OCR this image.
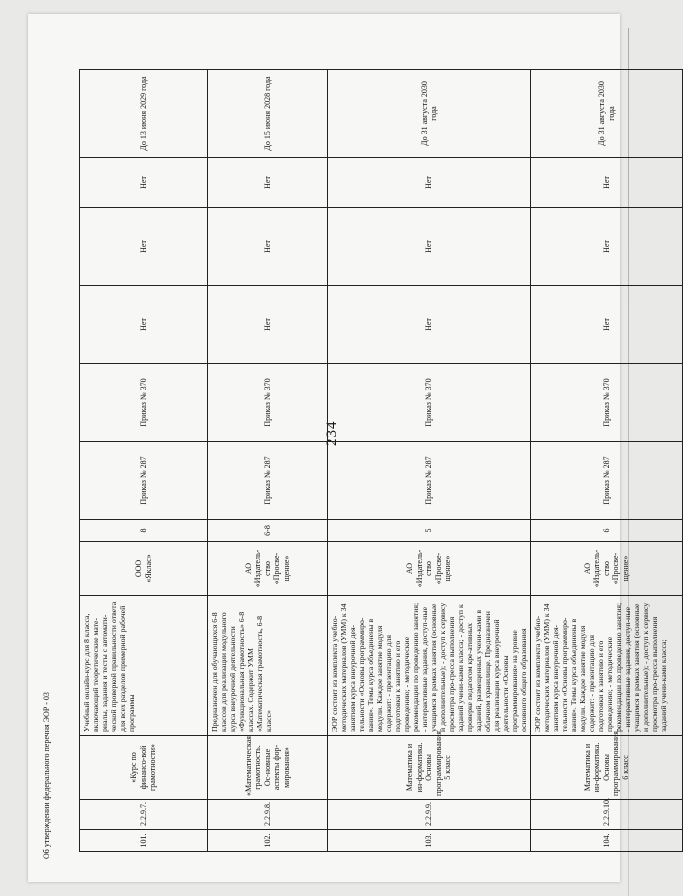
234
101.	2.2.9.7.	«Курс по финансо-вой грамотности»	Учебный онлайн-курс для 8 класса, включающий теоретические мате-риалы, задания и тесты с автомати-ческой проверкой правильности ответа для всех разделов примерной рабочей программы	ООО «Яклас»	8	Приказ № 287	Приказ № 370	Нет	Нет	Нет	До 13 июня 2029 года
102.	2.2.9.8.	«Математическая грамотность. Ос-новные аспекты фор-мирования»	Предназначен для обучающихся 6-8 классов для реализации модульного курса внеурочной деятельности «Функциональная грамотность» 6-8 классах. Содержит УММ «Математическая грамотность, 6-8 класс»	АО «Издатель-ство «Просве-щение»	6-8	Приказ № 287	Приказ № 370	Нет	Нет	Нет	До 15 июня 2028 года
103.	2.2.9.9.	Математика и ин-форматика. Основы программирования. 5 класс	ЭОР состоит из комплекта учебно-методических материалов (УММ) к 34 занятиям курса внеурочной дея-тельности «Основы программиро-вания». Темы курса объединены в модули. Каждое занятие модуля содержит: - презентацию для подготовки к занятию и его проведению; - методические рекомендации по проведению занятия; - интерактивные задания, доступ-ные учащимся в рамках занятия (основные и дополнительные); - доступ к сервису просмотра про-гресса выполнения заданий учени-ками класса; - доступ к проверке педагогом кре-ативных заданий, размещенных учени-ками в облачном хранилище. Предназначен для реализации курса внеурочной деятельности «Основы программирования» на уровне основного общего образования	АО «Издатель-ство «Просве-щение»	5	Приказ № 287	Приказ № 370	Нет	Нет	Нет	До 31 августа 2030 года
104.	2.2.9.10.	Математика и ин-форматика. Основы программирования. 6 класс	ЭОР состоит из комплекта учебно-методических материалов (УММ) к 34 занятиям курса внеурочной дея-тельности «Основы программиро-вания». Темы курса объединены в модули. Каждое занятие модуля содержит: - презентацию для подготовки к занятию и его проведению; - методические рекомендации по проведению занятия; - интерактивные задания, доступ-ные учащимся в рамках занятия (основные и дополнительные); - доступ к сервису просмотра про-гресса выполнения заданий учени-ками класса;	АО «Издатель-ство «Просве-щение»	6	Приказ № 287	Приказ № 370	Нет	Нет	Нет	До 31 августа 2030 года
Об утверждении федерального перечня ЭОР - 03
